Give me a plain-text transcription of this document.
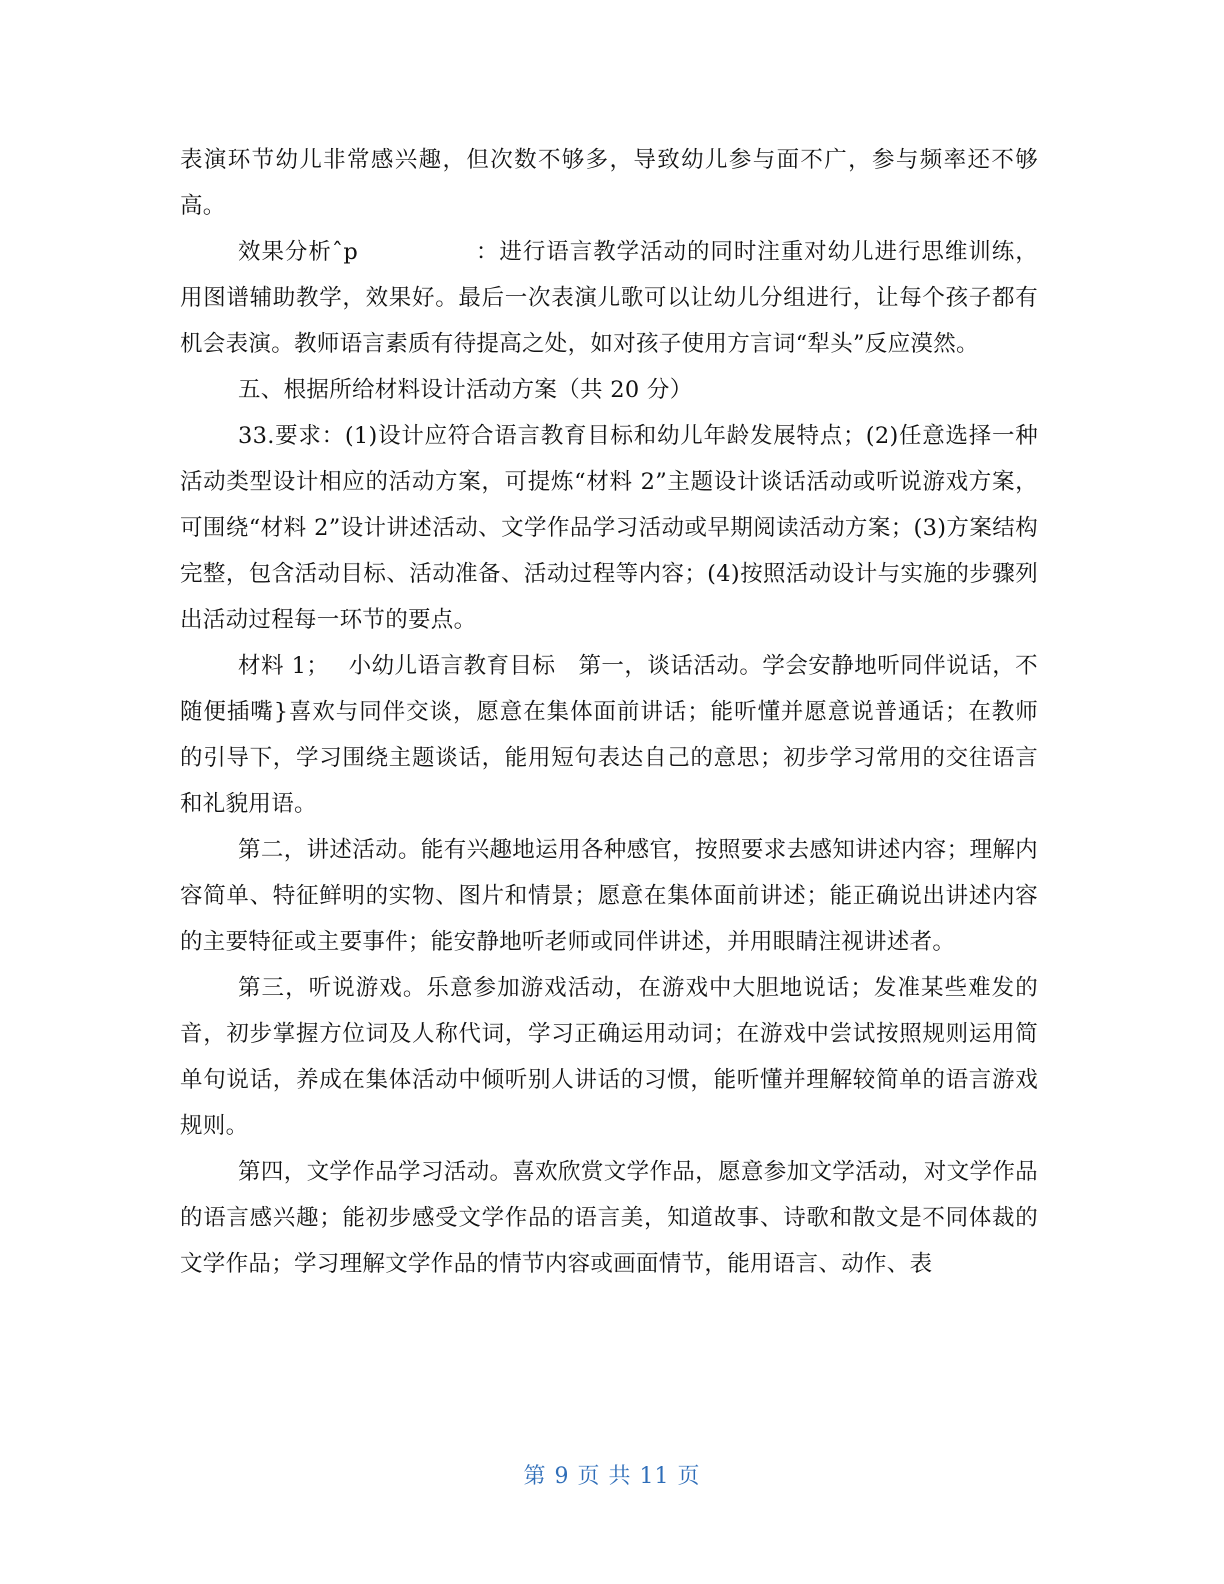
表演环节幼儿非常感兴趣，但次数不够多，导致幼儿参与面不广，参与频率还不够高。

效果分析ˆp　　　　　：进行语言教学活动的同时注重对幼儿进行思维训练，用图谱辅助教学，效果好。最后一次表演儿歌可以让幼儿分组进行，让每个孩子都有机会表演。教师语言素质有待提高之处，如对孩子使用方言词“犁头”反应漠然。

五、根据所给材料设计活动方案（共 20 分）

33.要求：(1)设计应符合语言教育目标和幼儿年龄发展特点；(2)任意选择一种活动类型设计相应的活动方案，可提炼“材料 2”主题设计谈话活动或听说游戏方案，可围绕“材料 2”设计讲述活动、文学作品学习活动或早期阅读活动方案；(3)方案结构完整，包含活动目标、活动准备、活动过程等内容；(4)按照活动设计与实施的步骤列出活动过程每一环节的要点。

材料 1；　 小幼儿语言教育目标　第一，谈话活动。学会安静地听同伴说话，不随便插嘴}喜欢与同伴交谈，愿意在集体面前讲话；能听懂并愿意说普通话；在教师的引导下，学习围绕主题谈话，能用短句表达自己的意思；初步学习常用的交往语言和礼貌用语。

第二，讲述活动。能有兴趣地运用各种感官，按照要求去感知讲述内容；理解内容简单、特征鲜明的实物、图片和情景；愿意在集体面前讲述；能正确说出讲述内容的主要特征或主要事件；能安静地听老师或同伴讲述，并用眼睛注视讲述者。

第三，听说游戏。乐意参加游戏活动，在游戏中大胆地说话；发准某些难发的音，初步掌握方位词及人称代词，学习正确运用动词；在游戏中尝试按照规则运用简单句说话，养成在集体活动中倾听别人讲话的习惯，能听懂并理解较简单的语言游戏规则。

第四，文学作品学习活动。喜欢欣赏文学作品，愿意参加文学活动，对文学作品的语言感兴趣；能初步感受文学作品的语言美，知道故事、诗歌和散文是不同体裁的文学作品；学习理解文学作品的情节内容或画面情节，能用语言、动作、表

第 9 页 共 11 页
